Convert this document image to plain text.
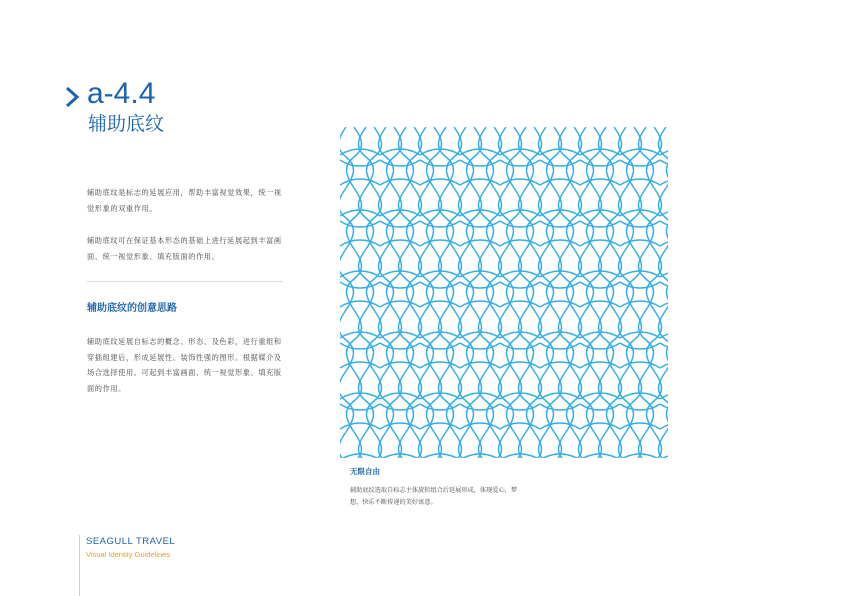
a-4.4
辅助底纹
辅助底纹是标志的延展应用，帮助丰富视觉效果，统一视觉形象的双重作用。
辅助底纹可在保证基本形态的基础上进行延展起到丰富画面、统一视觉形象、填充版面的作用。
辅助底纹的创意思路
辅助底纹延展自标志的概念、形态、及色彩，进行重组和穿插组建后，形成延展性、装饰性强的图形。根据媒介及场合选择使用。可起到丰富画面、统一视觉形象、填充版面的作用。
无限自由
辅助底纹选取自标志主体旋转组合后延展形成，体现爱心，梦想，快乐不断传递的美好寓意。
SEAGULL TRAVEL
Visual Identity Guidelines
